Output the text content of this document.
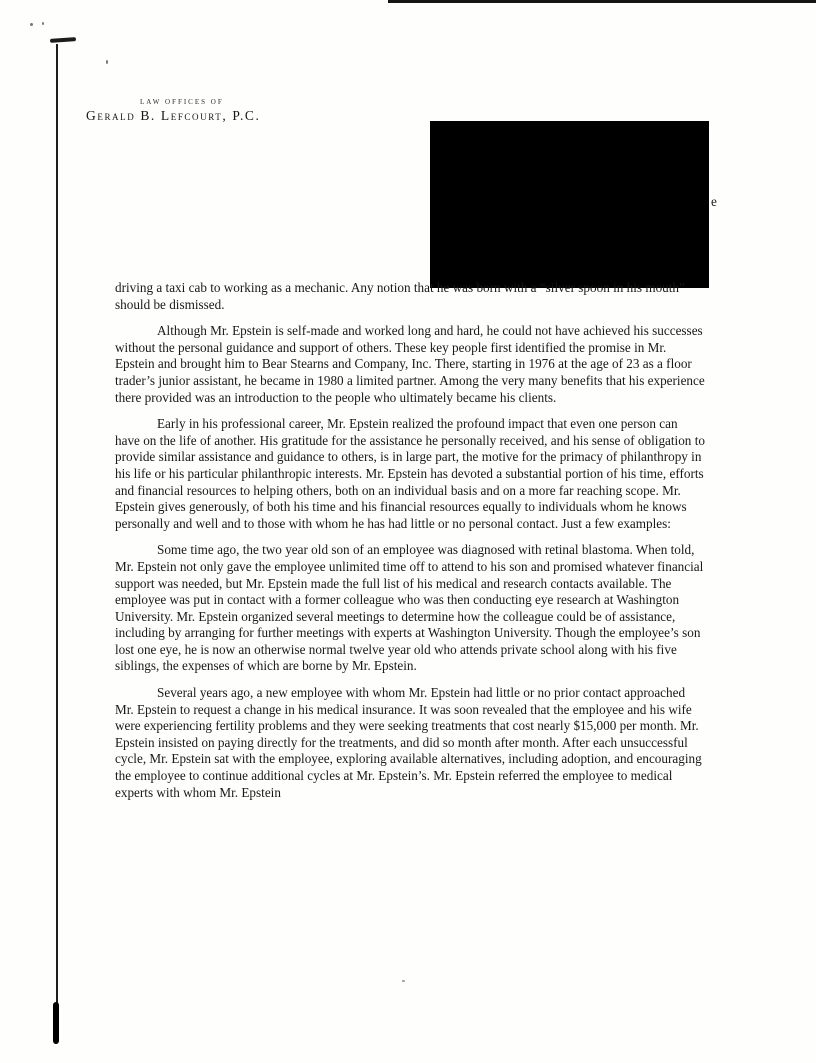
LAW OFFICES OF
Gerald B. Lefcourt, P.C.
e

driving a taxi cab to working as a mechanic. Any notion that he was born with a “silver spoon in his mouth” should be dismissed.

Although Mr. Epstein is self-made and worked long and hard, he could not have achieved his successes without the personal guidance and support of others. These key people first identified the promise in Mr. Epstein and brought him to Bear Stearns and Company, Inc. There, starting in 1976 at the age of 23 as a floor trader’s junior assistant, he became in 1980 a limited partner. Among the very many benefits that his experience there provided was an introduction to the people who ultimately became his clients.

Early in his professional career, Mr. Epstein realized the profound impact that even one person can have on the life of another. His gratitude for the assistance he personally received, and his sense of obligation to provide similar assistance and guidance to others, is in large part, the motive for the primacy of philanthropy in his life or his particular philanthropic interests. Mr. Epstein has devoted a substantial portion of his time, efforts and financial resources to helping others, both on an individual basis and on a more far reaching scope. Mr. Epstein gives generously, of both his time and his financial resources equally to individuals whom he knows personally and well and to those with whom he has had little or no personal contact. Just a few examples:

Some time ago, the two year old son of an employee was diagnosed with retinal blastoma. When told, Mr. Epstein not only gave the employee unlimited time off to attend to his son and promised whatever financial support was needed, but Mr. Epstein made the full list of his medical and research contacts available. The employee was put in contact with a former colleague who was then conducting eye research at Washington University. Mr. Epstein organized several meetings to determine how the colleague could be of assistance, including by arranging for further meetings with experts at Washington University. Though the employee’s son lost one eye, he is now an otherwise normal twelve year old who attends private school along with his five siblings, the expenses of which are borne by Mr. Epstein.

Several years ago, a new employee with whom Mr. Epstein had little or no prior contact approached Mr. Epstein to request a change in his medical insurance. It was soon revealed that the employee and his wife were experiencing fertility problems and they were seeking treatments that cost nearly $15,000 per month. Mr. Epstein insisted on paying directly for the treatments, and did so month after month. After each unsuccessful cycle, Mr. Epstein sat with the employee, exploring available alternatives, including adoption, and encouraging the employee to continue additional cycles at Mr. Epstein’s. Mr. Epstein referred the employee to medical experts with whom Mr. Epstein
